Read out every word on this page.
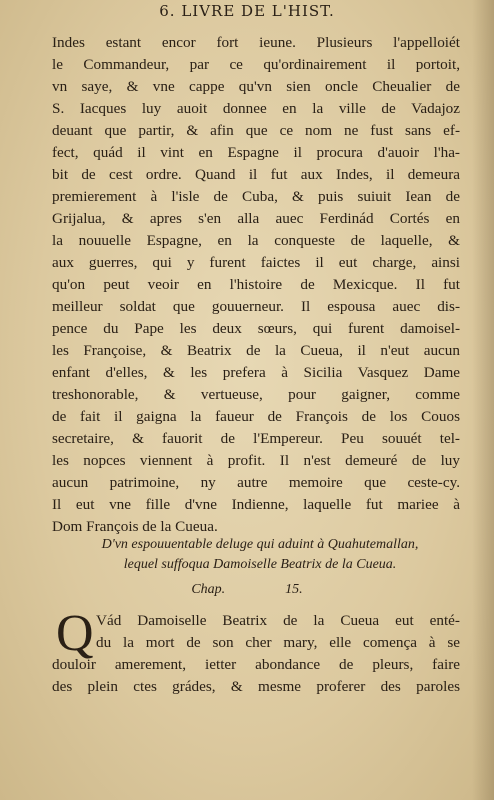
6. LIVRE DE L'HIST.
Indes estant encor fort ieune. Plusieurs l'appelloiét
le Commandeur, par ce qu'ordinairement il portoit,
vn saye, & vne cappe qu'vn sien oncle Cheualier de
S. Iacques luy auoit donnee en la ville de Vadajoz
deuant que partir, & afin que ce nom ne fust sans ef-
fect, quád il vint en Espagne il procura d'auoir l'ha-
bit de cest ordre. Quand il fut aux Indes, il demeura
premierement à l'isle de Cuba, & puis suiuit Iean de
Grijalua, & apres s'en alla auec Ferdinád Cortés en
la nouuelle Espagne, en la conqueste de laquelle, &
aux guerres, qui y furent faictes il eut charge, ainsi
qu'on peut veoir en l'histoire de Mexicque. Il fut
meilleur soldat que gouuerneur. Il espousa auec dis-
pence du Pape les deux sœurs, qui furent damoisel-
les Françoise, & Beatrix de la Cueua, il n'eut aucun
enfant d'elles, & les prefera à Sicilia Vasquez Dame
treshonorable, & vertueuse, pour gaigner, comme
de fait il gaigna la faueur de François de los Couos
secretaire, & fauorit de l'Empereur. Peu souuét tel-
les nopces viennent à profit. Il n'est demeuré de luy
aucun patrimoine, ny autre memoire que ceste-cy.
Il eut vne fille d'vne Indienne, laquelle fut mariee à
Dom François de la Cueua.
D'vn espouuentable deluge qui aduint à Quahutemallan,
lequel suffoqua Damoiselle Beatrix de la Cueua.
Chap.	15.
Q Vád Damoiselle Beatrix de la Cueua eut enté-
du la mort de son cher mary, elle comença à se
douloir amerement, ietter abondance de pleurs, faire
des plein ctes grádes, & mesme proferer des paroles
